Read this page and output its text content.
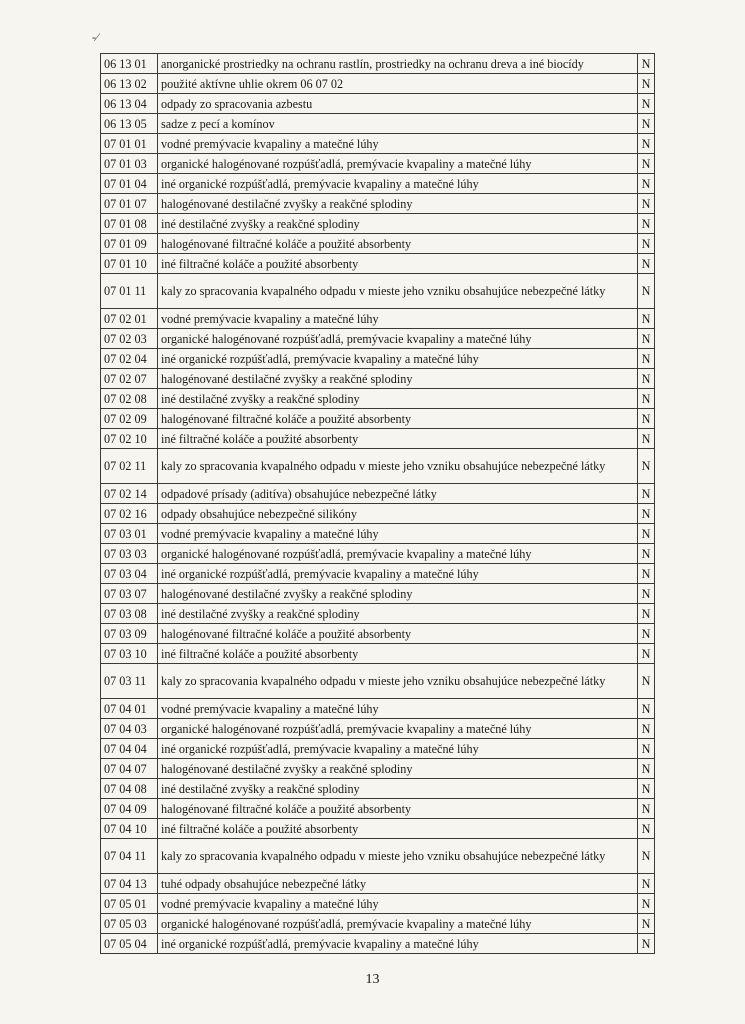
‐⁄
06 13 01	anorganické prostriedky na ochranu rastlín, prostriedky na ochranu dreva a iné biocídy	N
06 13 02	použité aktívne uhlie okrem 06 07 02	N
06 13 04	odpady zo spracovania azbestu	N
06 13 05	sadze z pecí a komínov	N
07 01 01	vodné premývacie kvapaliny a matečné lúhy	N
07 01 03	organické halogénované rozpúšťadlá, premývacie kvapaliny a matečné lúhy	N
07 01 04	iné organické rozpúšťadlá, premývacie kvapaliny a matečné lúhy	N
07 01 07	halogénované destilačné zvyšky a reakčné splodiny	N
07 01 08	iné destilačné zvyšky a reakčné splodiny	N
07 01 09	halogénované filtračné koláče a použité absorbenty	N
07 01 10	iné filtračné koláče a použité absorbenty	N
07 01 11	kaly zo spracovania kvapalného odpadu v mieste jeho vzniku obsahujúce nebezpečné látky	N
07 02 01	vodné premývacie kvapaliny a matečné lúhy	N
07 02 03	organické halogénované rozpúšťadlá, premývacie kvapaliny a matečné lúhy	N
07 02 04	iné organické rozpúšťadlá, premývacie kvapaliny a matečné lúhy	N
07 02 07	halogénované destilačné zvyšky a reakčné splodiny	N
07 02 08	iné destilačné zvyšky a reakčné splodiny	N
07 02 09	halogénované filtračné koláče a použité absorbenty	N
07 02 10	iné filtračné koláče a použité absorbenty	N
07 02 11	kaly zo spracovania kvapalného odpadu v mieste jeho vzniku obsahujúce nebezpečné látky	N
07 02 14	odpadové prísady (aditíva) obsahujúce nebezpečné látky	N
07 02 16	odpady obsahujúce nebezpečné silikóny	N
07 03 01	vodné premývacie kvapaliny a matečné lúhy	N
07 03 03	organické halogénované rozpúšťadlá, premývacie kvapaliny a matečné lúhy	N
07 03 04	iné organické rozpúšťadlá, premývacie kvapaliny a matečné lúhy	N
07 03 07	halogénované destilačné zvyšky a reakčné splodiny	N
07 03 08	iné destilačné zvyšky a reakčné splodiny	N
07 03 09	halogénované filtračné koláče a použité absorbenty	N
07 03 10	iné filtračné koláče a použité absorbenty	N
07 03 11	kaly zo spracovania kvapalného odpadu v mieste jeho vzniku obsahujúce nebezpečné látky	N
07 04 01	vodné premývacie kvapaliny a matečné lúhy	N
07 04 03	organické halogénované rozpúšťadlá, premývacie kvapaliny a matečné lúhy	N
07 04 04	iné organické rozpúšťadlá, premývacie kvapaliny a matečné lúhy	N
07 04 07	halogénované destilačné zvyšky a reakčné splodiny	N
07 04 08	iné destilačné zvyšky a reakčné splodiny	N
07 04 09	halogénované filtračné koláče a použité absorbenty	N
07 04 10	iné filtračné koláče a použité absorbenty	N
07 04 11	kaly zo spracovania kvapalného odpadu v mieste jeho vzniku obsahujúce nebezpečné látky	N
07 04 13	tuhé odpady obsahujúce nebezpečné látky	N
07 05 01	vodné premývacie kvapaliny a matečné lúhy	N
07 05 03	organické halogénované rozpúšťadlá, premývacie kvapaliny a matečné lúhy	N
07 05 04	iné organické rozpúšťadlá, premývacie kvapaliny a matečné lúhy	N
13
